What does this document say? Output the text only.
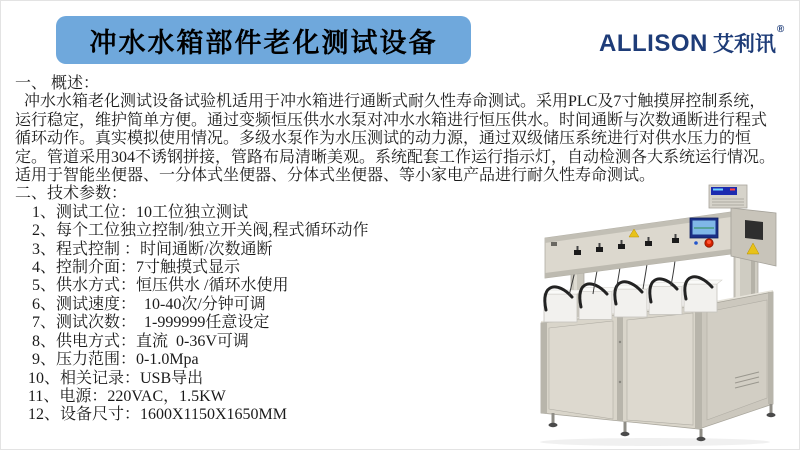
冲水水箱部件老化测试设备	ALLISON 艾利讯®

一、 概述：

冲水水箱老化测试设备试验机适用于冲水箱进行通断式耐久性寿命测试。采用PLC及7寸触摸屏控制系统，运行稳定，维护简单方便。通过变频恒压供水水泵对冲水水箱进行恒压供水。时间通断与次数通断进行程式循环动作。真实模拟使用情况。多级水泵作为水压测试的动力源，通过双级储压系统进行对供水压力的恒定。管道采用304不诱钢拼接，管路布局清晰美观。系统配套工作运行指示灯，自动检测各大系统运行情况。

适用于智能坐便器、一分体式坐便器、分体式坐便器、等小家电产品进行耐久性寿命测试。

二、技术参数：

1、测试工位：10工位独立测试
2、每个工位独立控制/独立开关阀,程式循环动作
3、程式控制 ：时间通断/次数通断
4、控制介面：7寸触摸式显示
5、供水方式：恒压供水 /循环水使用
6、测试速度：  10-40次/分钟可调
7、测试次数：  1-999999任意设定
8、供电方式：直流  0-36V可调
9、压力范围：0-1.0Mpa
10、相关记录：USB导出
11、电源：220VAC，1.5KW
12、设备尺寸：1600X1150X1650MM
